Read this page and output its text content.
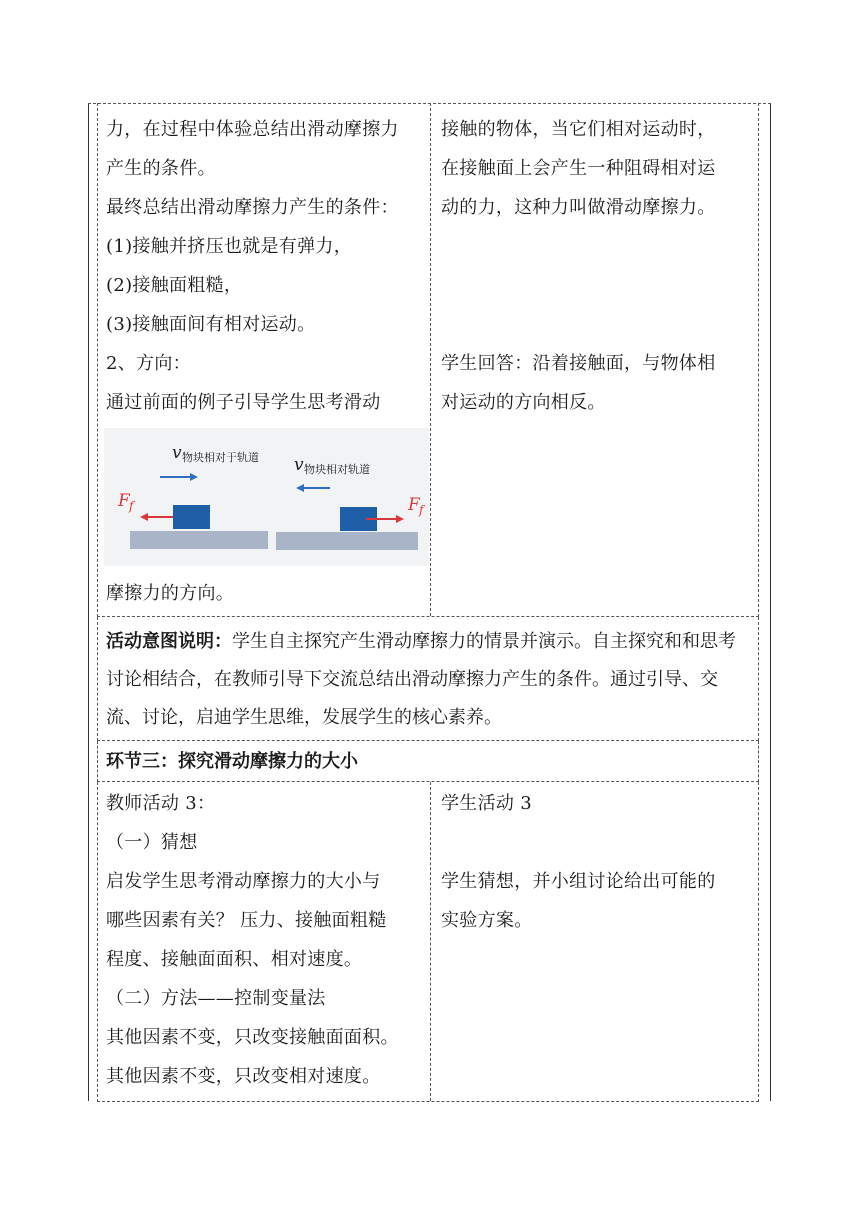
力，在过程中体验总结出滑动摩擦力
产生的条件。
最终总结出滑动摩擦力产生的条件：
(1)接触并挤压也就是有弹力，
(2)接触面粗糙，
(3)接触面间有相对运动。
2、方向：
通过前面的例子引导学生思考滑动
v 物块相对于轨道
F f
v 物块相对轨道
F f
摩擦力的方向。
接触的物体，当它们相对运动时，
在接触面上会产生一种阻碍相对运
动的力，这种力叫做滑动摩擦力。
学生回答：沿着接触面，与物体相
对运动的方向相反。
活动意图说明：学生自主探究产生滑动摩擦力的情景并演示。自主探究和和思考讨论相结合，在教师引导下交流总结出滑动摩擦力产生的条件。通过引导、交流、讨论，启迪学生思维，发展学生的核心素养。
环节三：探究滑动摩擦力的大小
教师活动 3：
（一）猜想
启发学生思考滑动摩擦力的大小与
哪些因素有关？ 压力、接触面粗糙
程度、接触面面积、相对速度。
（二）方法——控制变量法
其他因素不变，只改变接触面面积。
其他因素不变，只改变相对速度。
学生活动 3
学生猜想，并小组讨论给出可能的
实验方案。
